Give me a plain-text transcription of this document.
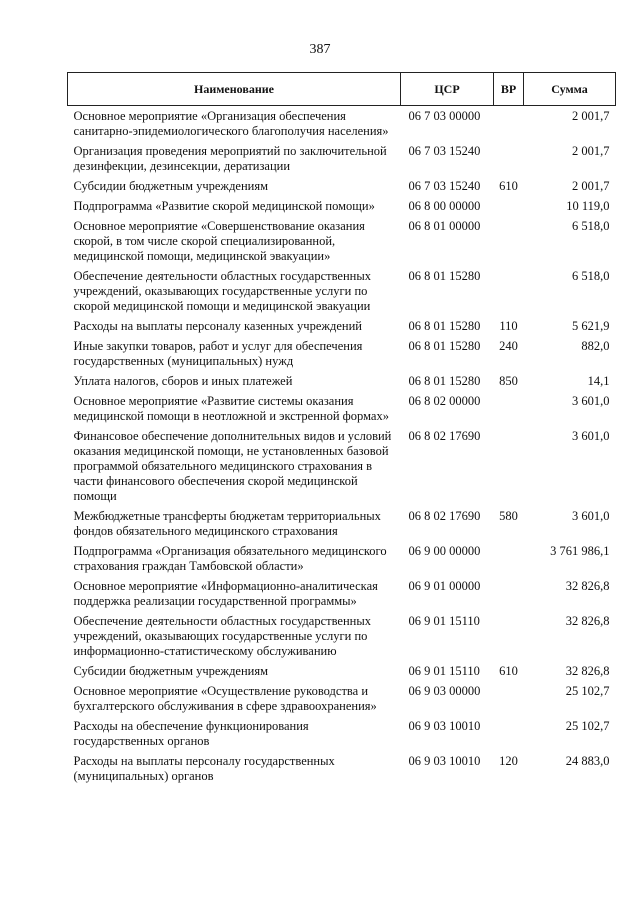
387
Наименование	ЦСР	ВР	Сумма
Основное мероприятие «Организация обеспечения санитарно-эпидемиологического благополучия населения»	06 7 03 00000		2 001,7
Организация проведения мероприятий по заключительной дезинфекции, дезинсекции, дератизации	06 7 03 15240		2 001,7
Субсидии бюджетным учреждениям	06 7 03 15240	610	2 001,7
Подпрограмма «Развитие скорой медицинской помощи»	06 8 00 00000		10 119,0
Основное мероприятие «Совершенствование оказания скорой, в том числе скорой специализированной, медицинской помощи, медицинской эвакуации»	06 8 01 00000		6 518,0
Обеспечение деятельности областных государственных учреждений, оказывающих государственные услуги по скорой медицинской помощи и медицинской эвакуации	06 8 01 15280		6 518,0
Расходы на выплаты персоналу казенных учреждений	06 8 01 15280	110	5 621,9
Иные закупки товаров, работ и услуг для обеспечения государственных (муниципальных) нужд	06 8 01 15280	240	882,0
Уплата налогов, сборов и иных платежей	06 8 01 15280	850	14,1
Основное мероприятие «Развитие системы оказания медицинской помощи в неотложной и экстренной формах»	06 8 02 00000		3 601,0
Финансовое обеспечение дополнительных видов и условий оказания медицинской помощи, не установленных базовой программой обязательного медицинского страхования в части финансового обеспечения скорой медицинской помощи	06 8 02 17690		3 601,0
Межбюджетные трансферты бюджетам территориальных фондов обязательного медицинского страхования	06 8 02 17690	580	3 601,0
Подпрограмма «Организация обязательного медицинского страхования граждан Тамбовской области»	06 9 00 00000		3 761 986,1
Основное мероприятие «Информационно-аналитическая поддержка реализации государственной программы»	06 9 01 00000		32 826,8
Обеспечение деятельности областных государственных учреждений, оказывающих государственные услуги по информационно-статистическому обслуживанию	06 9 01 15110		32 826,8
Субсидии бюджетным учреждениям	06 9 01 15110	610	32 826,8
Основное мероприятие «Осуществление руководства и бухгалтерского обслуживания в сфере здравоохранения»	06 9 03 00000		25 102,7
Расходы на обеспечение функционирования государственных органов	06 9 03 10010		25 102,7
Расходы на выплаты персоналу государственных (муниципальных) органов	06 9 03 10010	120	24 883,0
